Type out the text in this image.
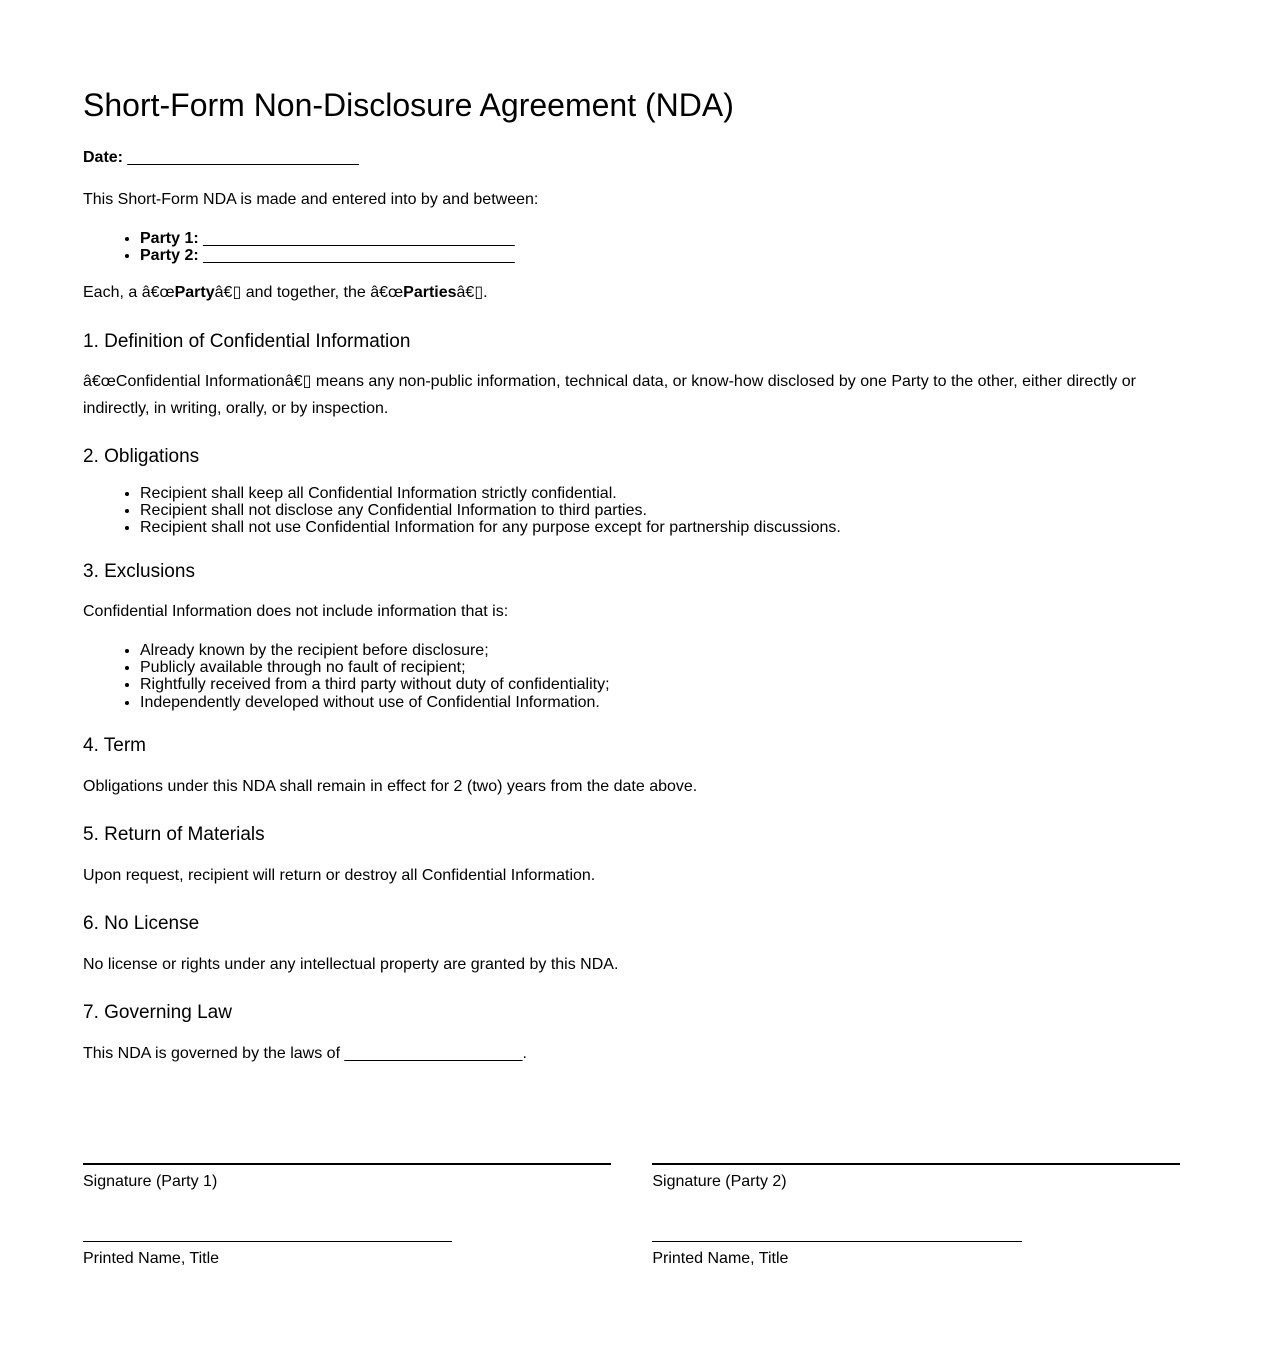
Short-Form Non-Disclosure Agreement (NDA)

Date: __________________________

This Short-Form NDA is made and entered into by and between:

• Party 1: ___________________________________
• Party 2: ___________________________________

Each, a â€œPartyâ€▯ and together, the â€œPartiesâ€▯.

1. Definition of Confidential Information

â€œConfidential Informationâ€▯ means any non-public information, technical data, or know-how disclosed by one Party to the other, either directly or indirectly, in writing, orally, or by inspection.

2. Obligations
• Recipient shall keep all Confidential Information strictly confidential.
• Recipient shall not disclose any Confidential Information to third parties.
• Recipient shall not use Confidential Information for any purpose except for partnership discussions.
3. Exclusions

Confidential Information does not include information that is:

• Already known by the recipient before disclosure;
• Publicly available through no fault of recipient;
• Rightfully received from a third party without duty of confidentiality;
• Independently developed without use of Confidential Information.
4. Term

Obligations under this NDA shall remain in effect for 2 (two) years from the date above.

5. Return of Materials

Upon request, recipient will return or destroy all Confidential Information.

6. No License

No license or rights under any intellectual property are granted by this NDA.

7. Governing Law

This NDA is governed by the laws of ____________________.

Signature (Party 1)

Printed Name, Title

Signature (Party 2)

Printed Name, Title
